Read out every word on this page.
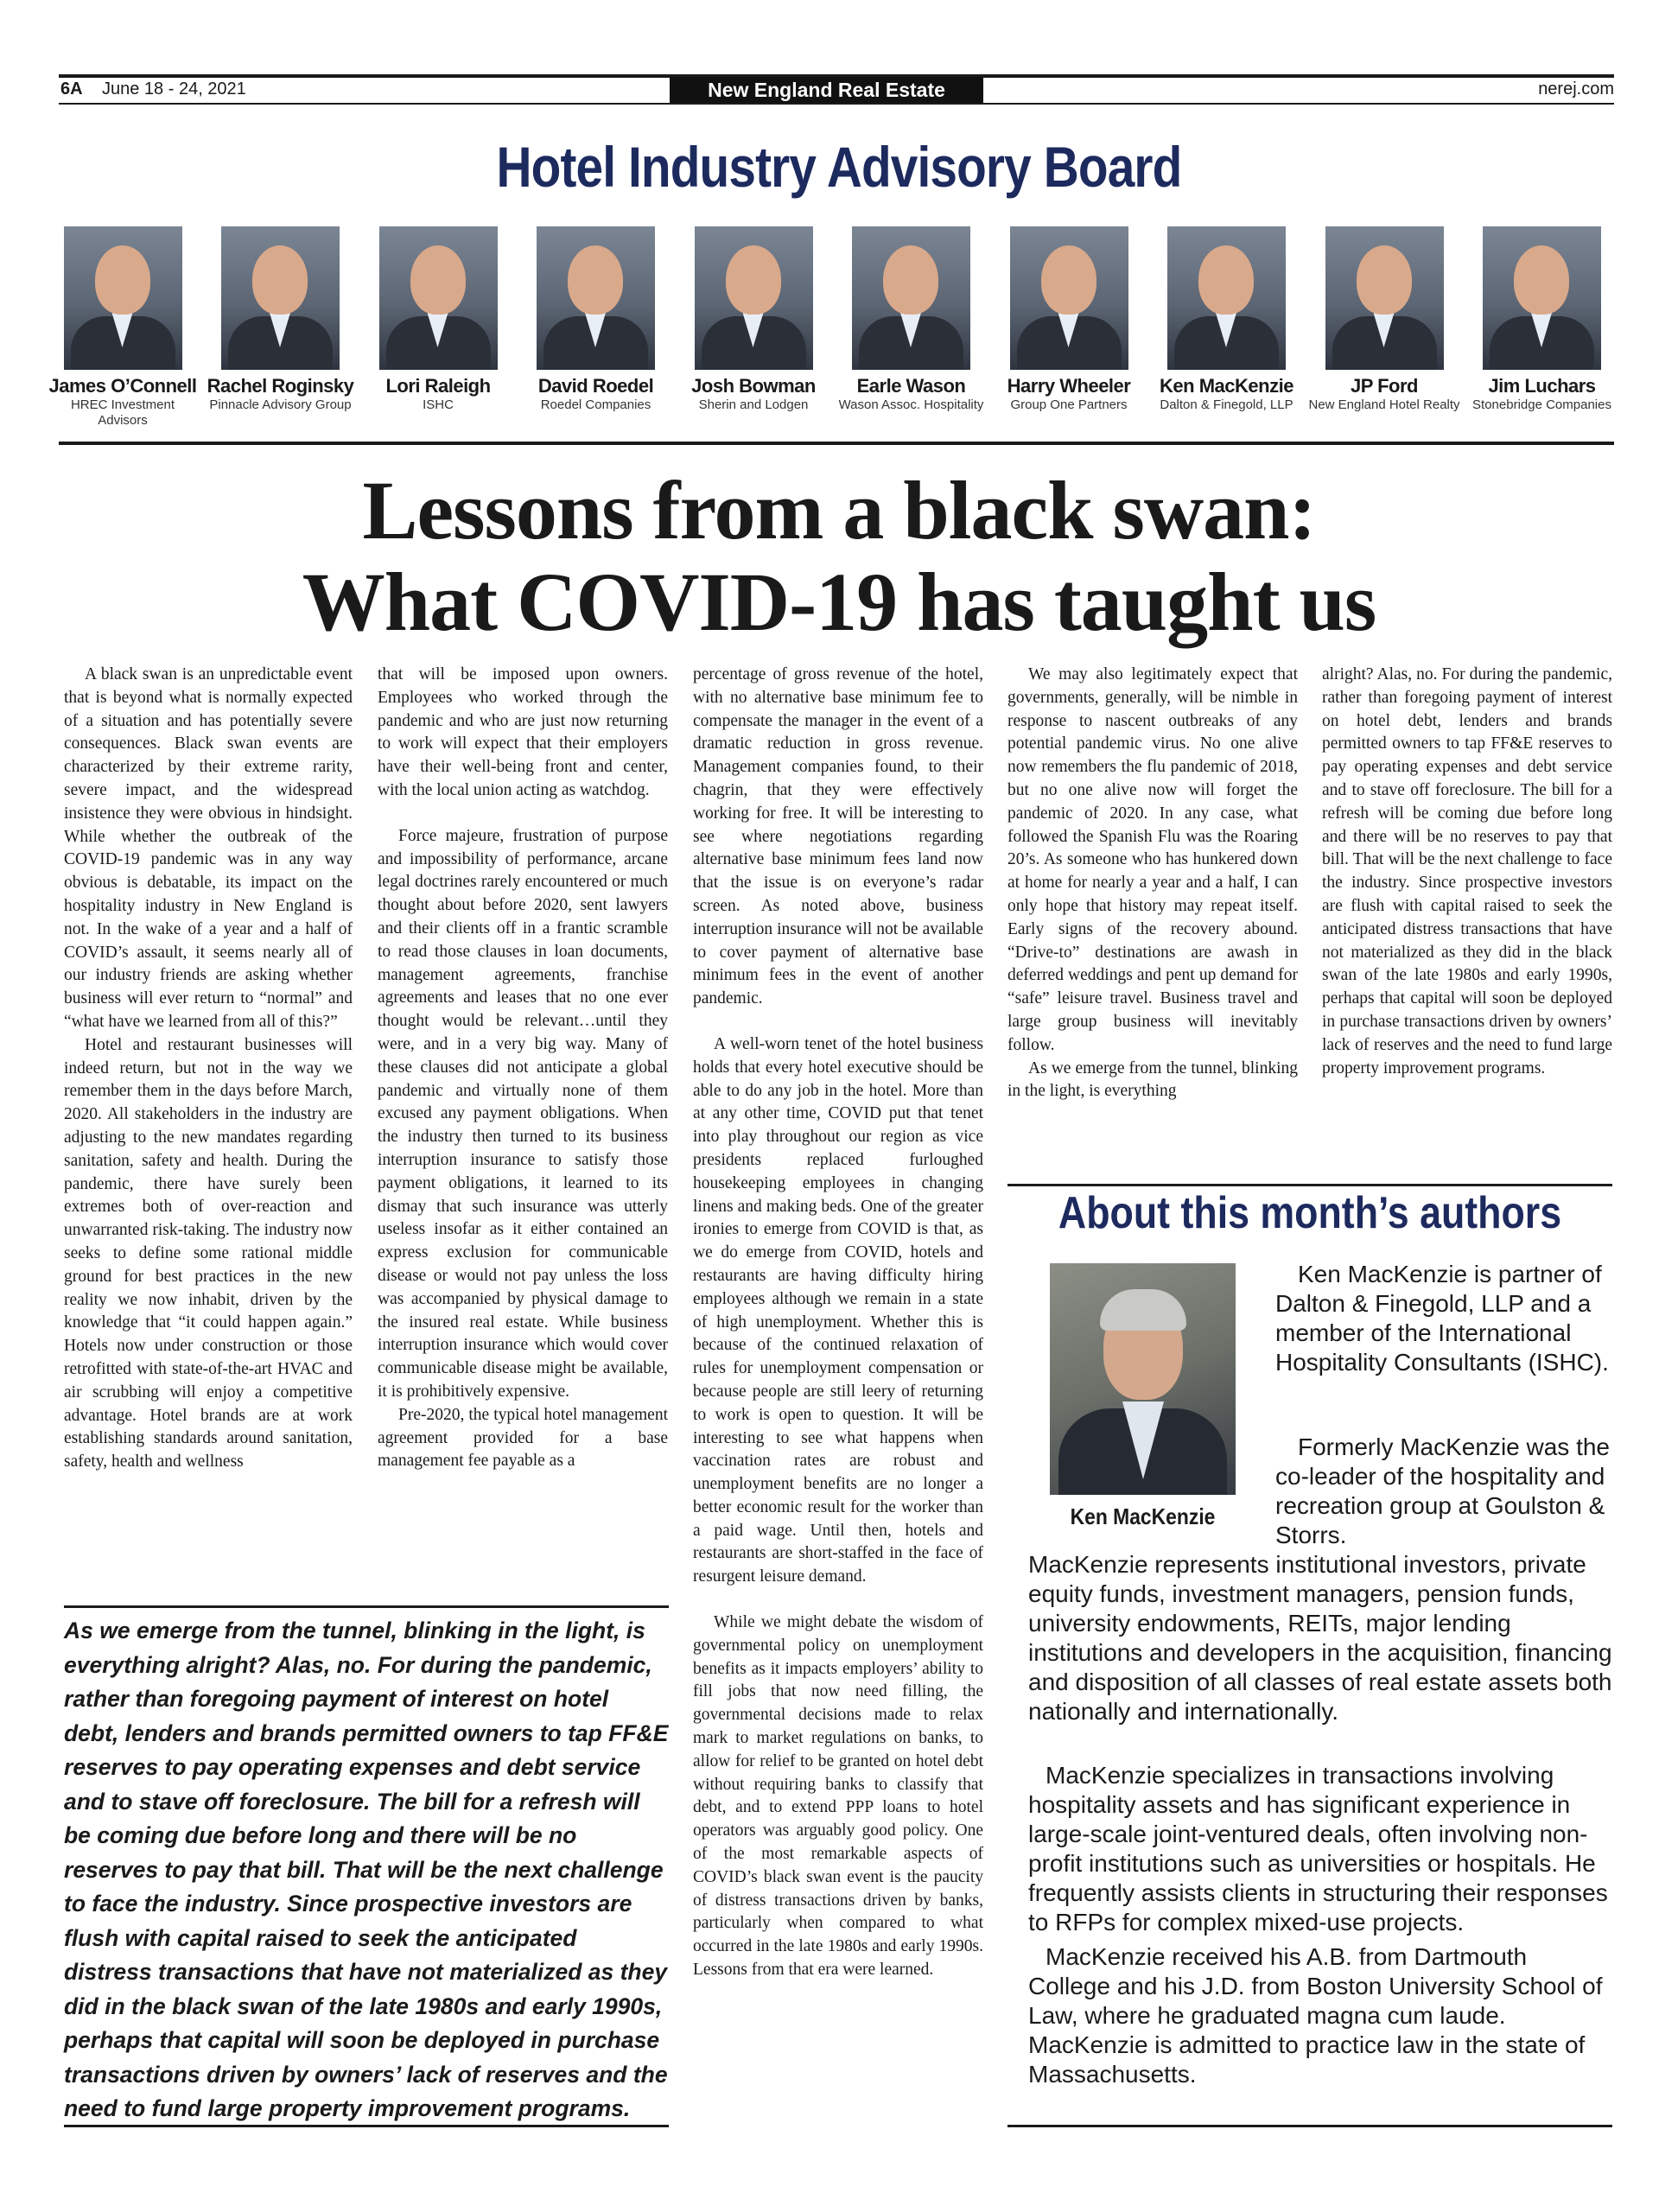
6A June 18 - 24, 2021	New England Real Estate Journal
nerej.com
Hotel Industry Advisory Board
James O’Connell
HREC Investment Advisors
Rachel Roginsky
Pinnacle Advisory Group
Lori Raleigh
ISHC
David Roedel
Roedel Companies
Josh Bowman
Sherin and Lodgen
Earle Wason
Wason Assoc. Hospitality
Harry Wheeler
Group One Partners
Ken MacKenzie
Dalton & Finegold, LLP
JP Ford
New England Hotel Realty
Jim Luchars
Stonebridge Companies
Lessons from a black swan:
What COVID-19 has taught us

A black swan is an unpredictable event that is beyond what is normally expected of a situation and has potentially severe consequences. Black swan events are characterized by their extreme rarity, severe impact, and the widespread insistence they were obvious in hindsight. While whether the outbreak of the COVID-19 pandemic was in any way obvious is debatable, its impact on the hospitality industry in New England is not. In the wake of a year and a half of COVID’s assault, it seems nearly all of our industry friends are asking whether business will ever return to “normal” and “what have we learned from all of this?”

Hotel and restaurant businesses will indeed return, but not in the way we remember them in the days before March, 2020. All stakeholders in the industry are adjusting to the new mandates regarding sanitation, safety and health. During the pandemic, there have surely been extremes both of over-reaction and unwarranted risk-taking. The industry now seeks to define some rational middle ground for best practices in the new reality we now inhabit, driven by the knowledge that “it could happen again.” Hotels now under construction or those retrofitted with state-of-the-art HVAC and air scrubbing will enjoy a competitive advantage. Hotel brands are at work establishing standards around sanitation, safety, health and wellness

that will be imposed upon owners. Employees who worked through the pandemic and who are just now returning to work will expect that their employers have their well-being front and center, with the local union acting as watchdog.

Force majeure, frustration of purpose and impossibility of performance, arcane legal doctrines rarely encountered or much thought about before 2020, sent lawyers and their clients off in a frantic scramble to read those clauses in loan documents, management agreements, franchise agreements and leases that no one ever thought would be relevant…until they were, and in a very big way. Many of these clauses did not anticipate a global pandemic and virtually none of them excused any payment obligations. When the industry then turned to its business interruption insurance to satisfy those payment obligations, it learned to its dismay that such insurance was utterly useless insofar as it either contained an express exclusion for communicable disease or would not pay unless the loss was accompanied by physical damage to the insured real estate. While business interruption insurance which would cover communicable disease might be available, it is prohibitively expensive.

Pre-2020, the typical hotel management agreement provided for a base management fee payable as a

percentage of gross revenue of the hotel, with no alternative base minimum fee to compensate the manager in the event of a dramatic reduction in gross revenue. Management companies found, to their chagrin, that they were effectively working for free. It will be interesting to see where negotiations regarding alternative base minimum fees land now that the issue is on everyone’s radar screen. As noted above, business interruption insurance will not be available to cover payment of alternative base minimum fees in the event of another pandemic.

A well-worn tenet of the hotel business holds that every hotel executive should be able to do any job in the hotel. More than at any other time, COVID put that tenet into play throughout our region as vice presidents replaced furloughed housekeeping employees in changing linens and making beds. One of the greater ironies to emerge from COVID is that, as we do emerge from COVID, hotels and restaurants are having difficulty hiring employees although we remain in a state of high unemployment. Whether this is because of the continued relaxation of rules for unemployment compensation or because people are still leery of returning to work is open to question. It will be interesting to see what happens when vaccination rates are robust and unemployment benefits are no longer a better economic result for the worker than a paid wage. Until then, hotels and restaurants are short-staffed in the face of resurgent leisure demand.

While we might debate the wisdom of governmental policy on unemployment benefits as it impacts employers’ ability to fill jobs that now need filling, the governmental decisions made to relax mark to market regulations on banks, to allow for relief to be granted on hotel debt without requiring banks to classify that debt, and to extend PPP loans to hotel operators was arguably good policy. One of the most remarkable aspects of COVID’s black swan event is the paucity of distress transactions driven by banks, particularly when compared to what occurred in the late 1980s and early 1990s. Lessons from that era were learned.

We may also legitimately expect that governments, generally, will be nimble in response to nascent outbreaks of any potential pandemic virus. No one alive now remembers the flu pandemic of 2018, but no one alive now will forget the pandemic of 2020. In any case, what followed the Spanish Flu was the Roaring 20’s. As someone who has hunkered down at home for nearly a year and a half, I can only hope that history may repeat itself. Early signs of the recovery abound. “Drive-to” destinations are awash in deferred weddings and pent up demand for “safe” leisure travel. Business travel and large group business will inevitably follow.

As we emerge from the tunnel, blinking in the light, is everything

alright? Alas, no. For during the pandemic, rather than foregoing payment of interest on hotel debt, lenders and brands permitted owners to tap FF&E reserves to pay operating expenses and debt service and to stave off foreclosure. The bill for a refresh will be coming due before long and there will be no reserves to pay that bill. That will be the next challenge to face the industry. Since prospective investors are flush with capital raised to seek the anticipated distress transactions that have not materialized as they did in the black swan of the late 1980s and early 1990s, perhaps that capital will soon be deployed in purchase transactions driven by owners’ lack of reserves and the need to fund large property improvement programs.

As we emerge from the tunnel, blinking in the light, is everything alright? Alas, no. For during the pandemic, rather than foregoing payment of interest on hotel debt, lenders and brands permitted owners to tap FF&E reserves to pay operating expenses and debt service and to stave off foreclosure. The bill for a refresh will be coming due before long and there will be no reserves to pay that bill. That will be the next challenge to face the industry. Since prospective investors are flush with capital raised to seek the anticipated distress transactions that have not materialized as they did in the black swan of the late 1980s and early 1990s, perhaps that capital will soon be deployed in purchase transactions driven by owners’ lack of reserves and the need to fund large property improvement programs.
About this month’s authors
Ken MacKenzie
Ken MacKenzie is partner of Dalton & Finegold, LLP and a member of the International Hospitality Consultants (ISHC).
Formerly MacKenzie was the co-leader of the hospitality and recreation group at Goulston & Storrs.
MacKenzie represents institutional investors, private equity funds, investment managers, pension funds, university endowments, REITs, major lending institutions and developers in the acquisition, financing and disposition of all classes of real estate assets both nationally and internationally.
MacKenzie specializes in transactions involving hospitality assets and has significant experience in large-scale joint-ventured deals, often involving non-profit institutions such as universities or hospitals. He frequently assists clients in structuring their responses to RFPs for complex mixed-use projects.
MacKenzie received his A.B. from Dartmouth College and his J.D. from Boston University School of Law, where he graduated magna cum laude. MacKenzie is admitted to practice law in the state of Massachusetts.
